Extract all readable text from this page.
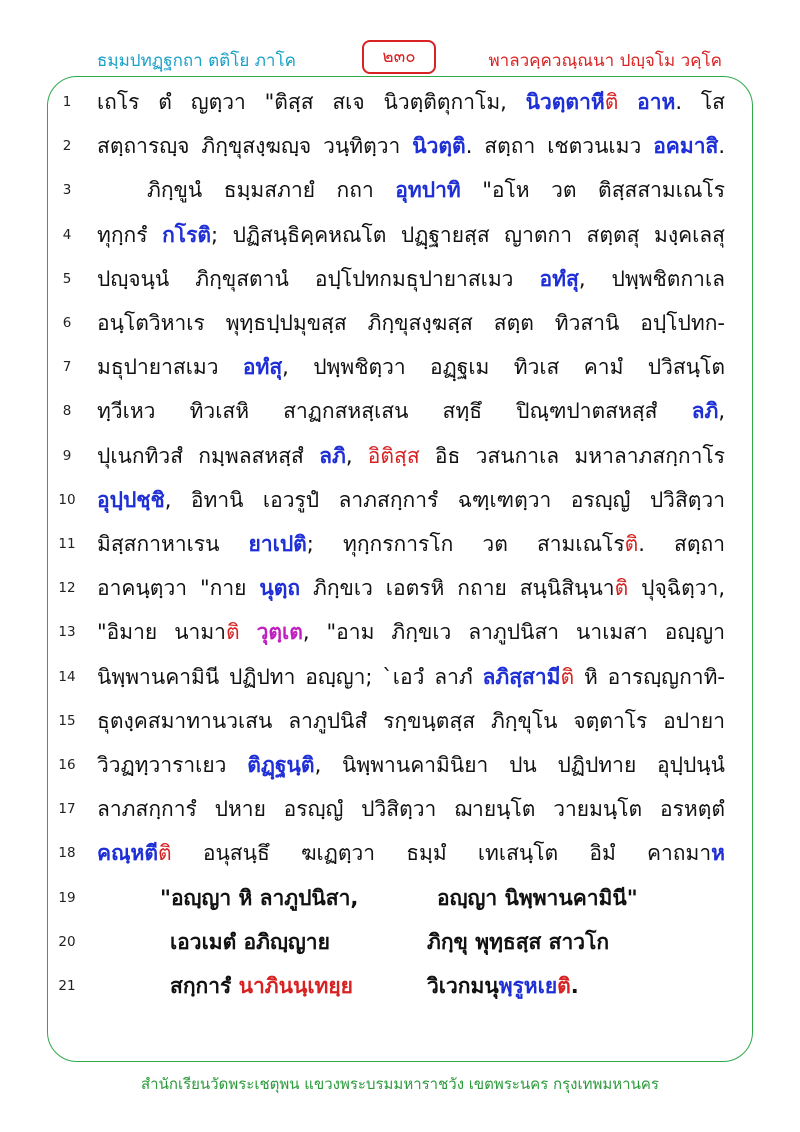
ธมฺมปทฏฺฐกถา ตติโย ภาโค	๒๓๐	พาลวคฺควณฺณนา ปญฺจโม วคฺโค
1	เถโร ตํ ญตฺวา "ติสฺส สเจ นิวตฺติตุกาโม, นิวตฺตาหีติ อาห. โส
2	สตฺถารญฺจ ภิกฺขุสงฺฆญฺจ วนฺทิตฺวา นิวตฺติ. สตฺถา เชตวนเมว อคมาสิ.
3	ภิกฺขูนํ ธมฺมสภายํ กถา อุทปาทิ "อโห วต ติสฺสสามเณโร
4	ทุกฺกรํ กโรติ; ปฏิสนฺธิคฺคหณโต ปฏฺฐายสฺส ญาตกา สตฺตสุ มงฺคเลสุ
5	ปญฺจนฺนํ ภิกฺขุสตานํ อปฺโปทกมธุปายาสเมว อทํสุ, ปพฺพชิตกาเล
6	อนฺโตวิหาเร พุทฺธปฺปมุขสฺส ภิกฺขุสงฺฆสฺส สตฺต ทิวสานิ อปฺโปทก-
7	มธุปายาสเมว อทํสุ, ปพฺพชิตฺวา อฏฺฐเม ทิวเส คามํ ปวิสนฺโต
8	ทฺวีเหว ทิวเสหิ สาฏกสหสฺเสน สทฺธึ ปิณฺฑปาตสหสฺสํ ลภิ,
9	ปุเนกทิวสํ กมฺพลสหสฺสํ ลภิ, อิติสฺส อิธ วสนกาเล มหาลาภสกฺกาโร
10	อุปฺปชฺชิ, อิทานิ เอวรูปํ ลาภสกฺการํ ฉฑฺเฑตฺวา อรญฺญํ ปวิสิตฺวา
11	มิสฺสกาหาเรน ยาเปติ; ทุกฺกรการโก วต สามเณโรติ. สตฺถา
12	อาคนฺตฺวา "กาย นุตฺถ ภิกฺขเว เอตรหิ กถาย สนฺนิสินฺนาติ ปุจฺฉิตฺวา,
13	"อิมาย นามาติ วุตฺเต, "อาม ภิกฺขเว ลาภูปนิสา นาเมสา อญฺญา
14	นิพฺพานคามินี ปฏิปทา อญฺญา; `เอวํ ลาภํ ลภิสฺสามีติ หิ อารญฺญกาทิ-
15	ธุตงฺคสมาทานวเสน ลาภูปนิสํ รกฺขนฺตสฺส ภิกฺขุโน จตฺตาโร อปายา
16	วิวฏทฺวาราเยว ติฏฺฐนฺติ, นิพฺพานคามินิยา ปน ปฏิปทาย อุปฺปนฺนํ
17	ลาภสกฺการํ ปหาย อรญฺญํ ปวิสิตฺวา ฌายนฺโต วายมนฺโต อรหตฺตํ
18	คณฺหตีติ อนุสนฺธึ ฆเฏตฺวา ธมฺมํ เทเสนฺโต อิมํ คาถมาห
19	"อญฺญา หิ ลาภูปนิสา,	อญฺญา นิพฺพานคามินี"
20	เอวเมตํ อภิญฺญาย	ภิกฺขุ พุทฺธสฺส สาวโก
21	สกฺการํ นาภินนฺเทยฺย	วิเวกมนุพฺรูหเยติ.
สำนักเรียนวัดพระเชตุพน แขวงพระบรมมหาราชวัง เขตพระนคร กรุงเทพมหานคร
